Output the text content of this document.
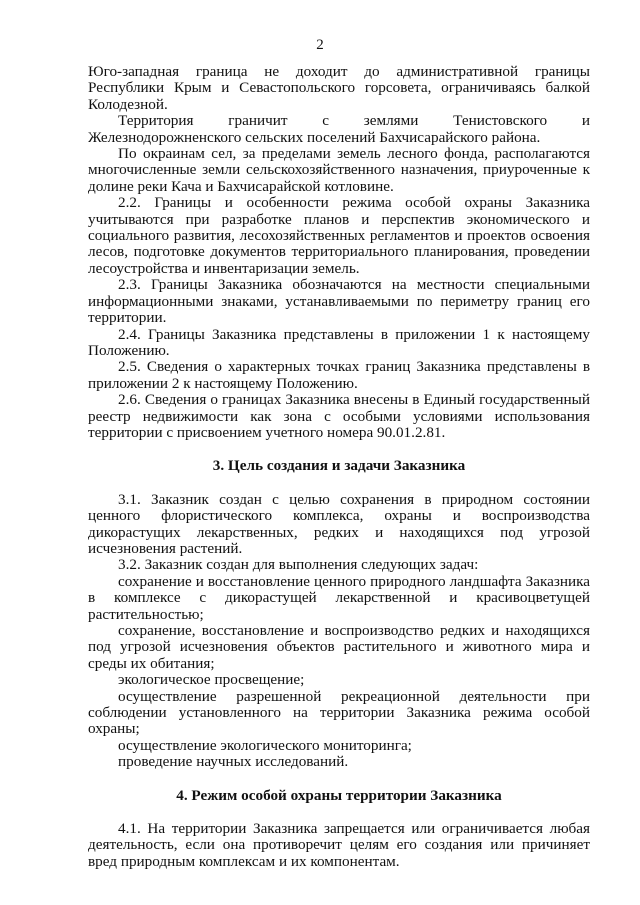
2

Юго-западная граница не доходит до административной границы Республики Крым и Севастопольского горсовета, ограничиваясь балкой Колодезной.

Территория граничит с землями Тенистовского и Железнодорожненского сельских поселений Бахчисарайского района.

По окраинам сел, за пределами земель лесного фонда, располагаются многочисленные земли сельскохозяйственного назначения, приуроченные к долине реки Кача и Бахчисарайской котловине.

2.2. Границы и особенности режима особой охраны Заказника учитываются при разработке планов и перспектив экономического и социального развития, лесохозяйственных регламентов и проектов освоения лесов, подготовке документов территориального планирования, проведении лесоустройства и инвентаризации земель.

2.3. Границы Заказника обозначаются на местности специальными информационными знаками, устанавливаемыми по периметру границ его территории.

2.4. Границы Заказника представлены в приложении 1 к настоящему Положению.

2.5. Сведения о характерных точках границ Заказника представлены в приложении 2 к настоящему Положению.

2.6. Сведения о границах Заказника внесены в Единый государственный реестр недвижимости как зона с особыми условиями использования территории с присвоением учетного номера 90.01.2.81.

3. Цель создания и задачи Заказника

3.1. Заказник создан с целью сохранения в природном состоянии ценного флористического комплекса, охраны и воспроизводства дикорастущих лекарственных, редких и находящихся под угрозой исчезновения растений.

3.2. Заказник создан для выполнения следующих задач:

сохранение и восстановление ценного природного ландшафта Заказника в комплексе с дикорастущей лекарственной и красивоцветущей растительностью;

сохранение, восстановление и воспроизводство редких и находящихся под угрозой исчезновения объектов растительного и животного мира и среды их обитания;

экологическое просвещение;

осуществление разрешенной рекреационной деятельности при соблюдении установленного на территории Заказника режима особой охраны;

осуществление экологического мониторинга;

проведение научных исследований.

4. Режим особой охраны территории Заказника

4.1. На территории Заказника запрещается или ограничивается любая деятельность, если она противоречит целям его создания или причиняет вред природным комплексам и их компонентам.
